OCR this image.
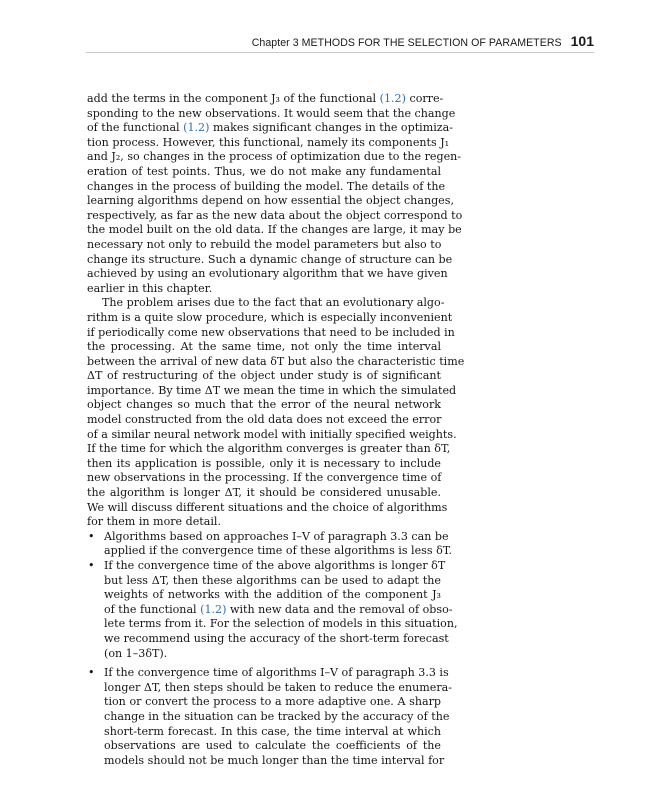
Chapter 3 METHODS FOR THE SELECTION OF PARAMETERS 101
add the terms in the component J₃ of the functional (1.2) corre-
sponding to the new observations. It would seem that the change
of the functional (1.2) makes significant changes in the optimiza-
tion process. However, this functional, namely its components J₁
and J₂, so changes in the process of optimization due to the regen-
eration of test points. Thus, we do not make any fundamental
changes in the process of building the model. The details of the
learning algorithms depend on how essential the object changes,
respectively, as far as the new data about the object correspond to
the model built on the old data. If the changes are large, it may be
necessary not only to rebuild the model parameters but also to
change its structure. Such a dynamic change of structure can be
achieved by using an evolutionary algorithm that we have given
earlier in this chapter.
The problem arises due to the fact that an evolutionary algo-
rithm is a quite slow procedure, which is especially inconvenient
if periodically come new observations that need to be included in
the processing. At the same time, not only the time interval
between the arrival of new data δT but also the characteristic time
ΔT of restructuring of the object under study is of significant
importance. By time ΔT we mean the time in which the simulated
object changes so much that the error of the neural network
model constructed from the old data does not exceed the error
of a similar neural network model with initially specified weights.
If the time for which the algorithm converges is greater than δT,
then its application is possible, only it is necessary to include
new observations in the processing. If the convergence time of
the algorithm is longer ΔT, it should be considered unusable.
We will discuss different situations and the choice of algorithms
for them in more detail.
• Algorithms based on approaches I–V of paragraph 3.3 can be
applied if the convergence time of these algorithms is less δT.
• If the convergence time of the above algorithms is longer δT
but less ΔT, then these algorithms can be used to adapt the
weights of networks with the addition of the component J₃
of the functional (1.2) with new data and the removal of obso-
lete terms from it. For the selection of models in this situation,
we recommend using the accuracy of the short-term forecast
(on 1–3δT).
• If the convergence time of algorithms I–V of paragraph 3.3 is
longer ΔT, then steps should be taken to reduce the enumera-
tion or convert the process to a more adaptive one. A sharp
change in the situation can be tracked by the accuracy of the
short-term forecast. In this case, the time interval at which
observations are used to calculate the coefficients of the
models should not be much longer than the time interval for
